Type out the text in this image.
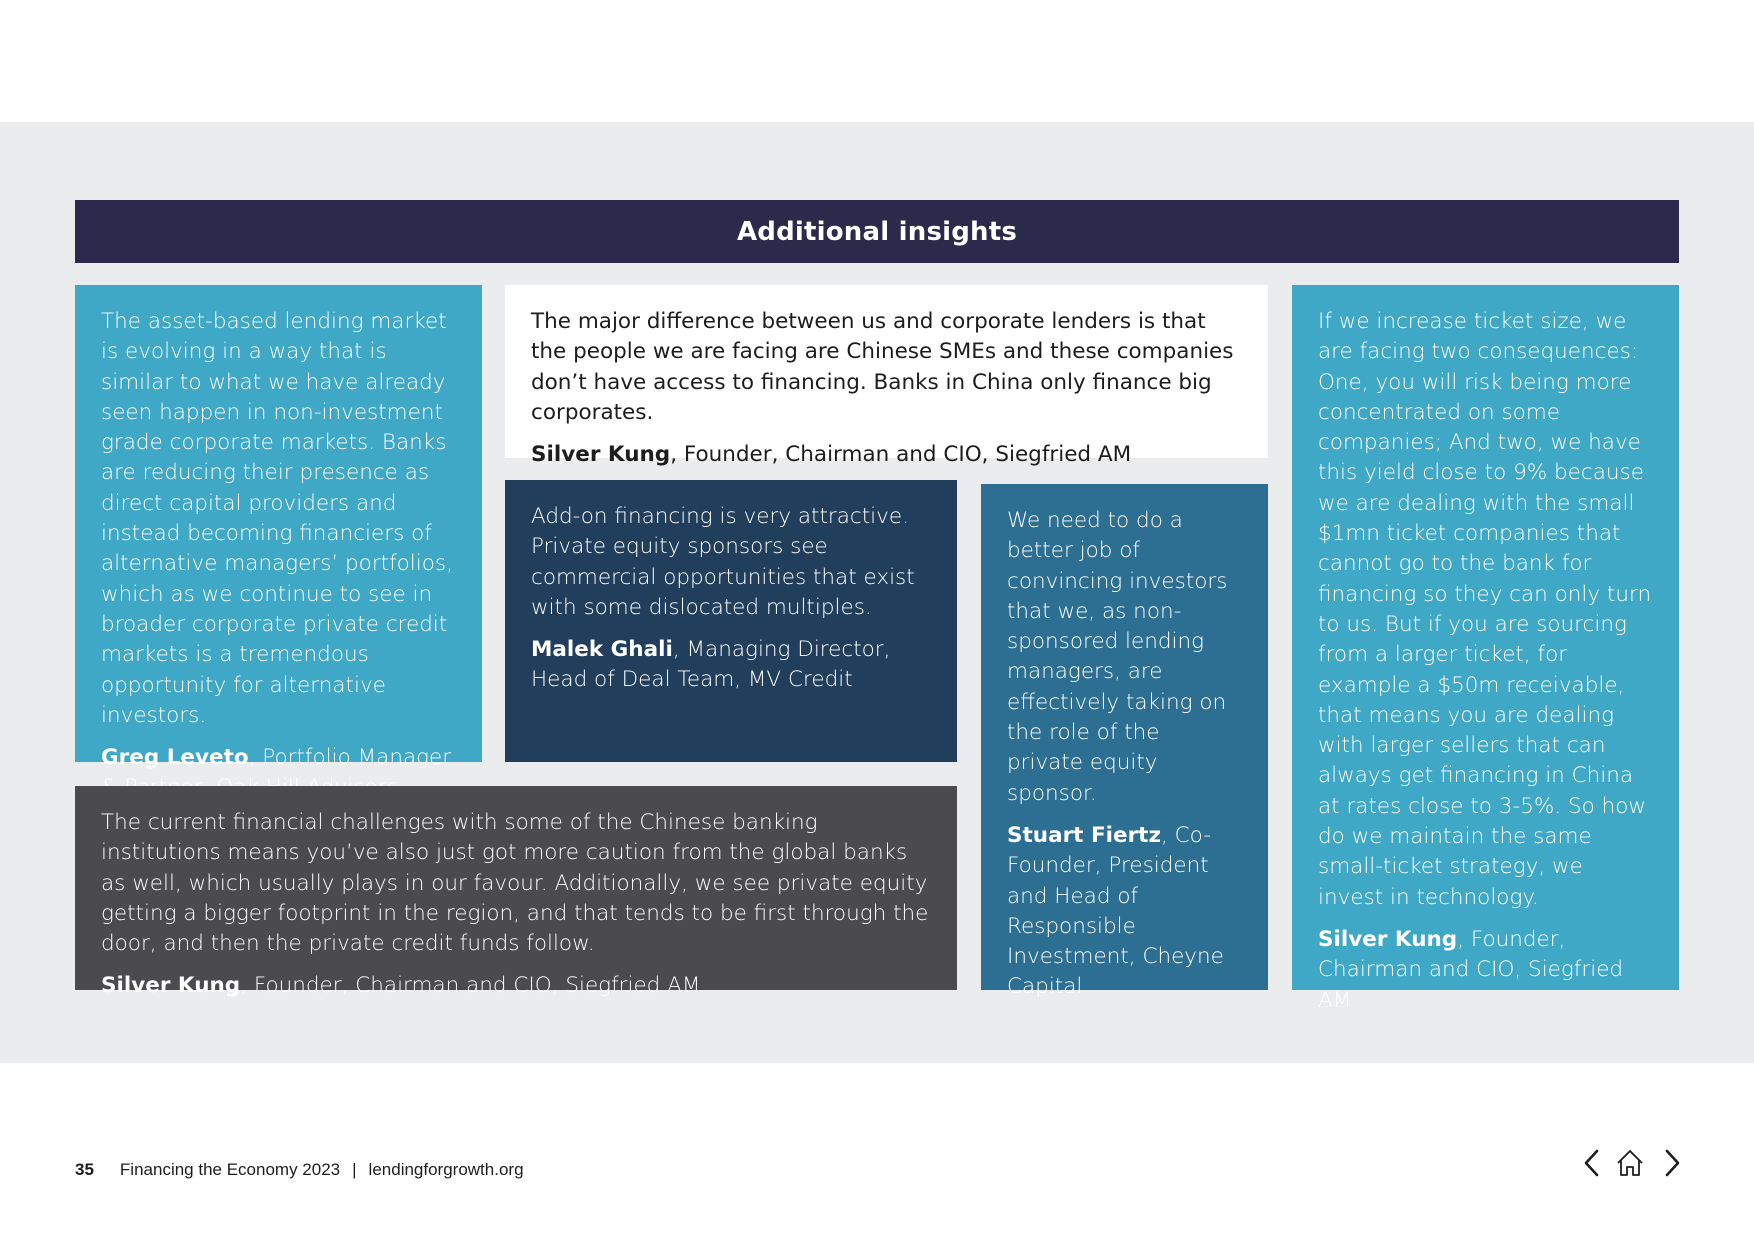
Additional insights

The asset-based lending market is evolving in a way that is similar to what we have already seen happen in non-investment grade corporate markets. Banks are reducing their presence as direct capital providers and instead becoming financiers of alternative managers’ portfolios, which as we continue to see in broader corporate private credit markets is a tremendous opportunity for alternative investors.

Greg Leveto, Portfolio Manager

The major difference between us and corporate lenders is that the people we are facing are Chinese SMEs and these companies don’t have access to financing. Banks in China only finance big corporates.

Silver Kung, Founder, Chairman and CIO, Siegfried AM

Add-on financing is very attractive. Private equity sponsors see commercial opportunities that exist with some dislocated multiples.

Malek Ghali, Managing Director, Head of Deal Team, MV Credit

We need to do a better job of convincing investors that we, as non-sponsored lending managers, are effectively taking on the role of the private equity sponsor.

Stuart Fiertz, Co-Founder, President and Head of Responsible Investment, Cheyne Capital

If we increase ticket size, we are facing two consequences: One, you will risk being more concentrated on some companies; And two, we have this yield close to 9% because we are dealing with the small $1mn ticket companies that cannot go to the bank for financing so they can only turn to us. But if you are sourcing from a larger ticket, for example a $50m receivable, that means you are dealing with larger sellers that can always get financing in China at rates close to 3-5%. So how do we maintain the same small-ticket strategy, we invest in technology.

Silver Kung, Founder, Chairman and CIO, Siegfried AM

The current financial challenges with some of the Chinese banking institutions means you’ve also just got more caution from the global banks as well, which usually plays in our favour. Additionally, we see private equity getting a bigger footprint in the region, and that tends to be first through the door, and then the private credit funds follow.

Silver Kung, Founder, Chairman and CIO, Siegfried AM

35 Financing the Economy 2023 | lendingforgrowth.org
